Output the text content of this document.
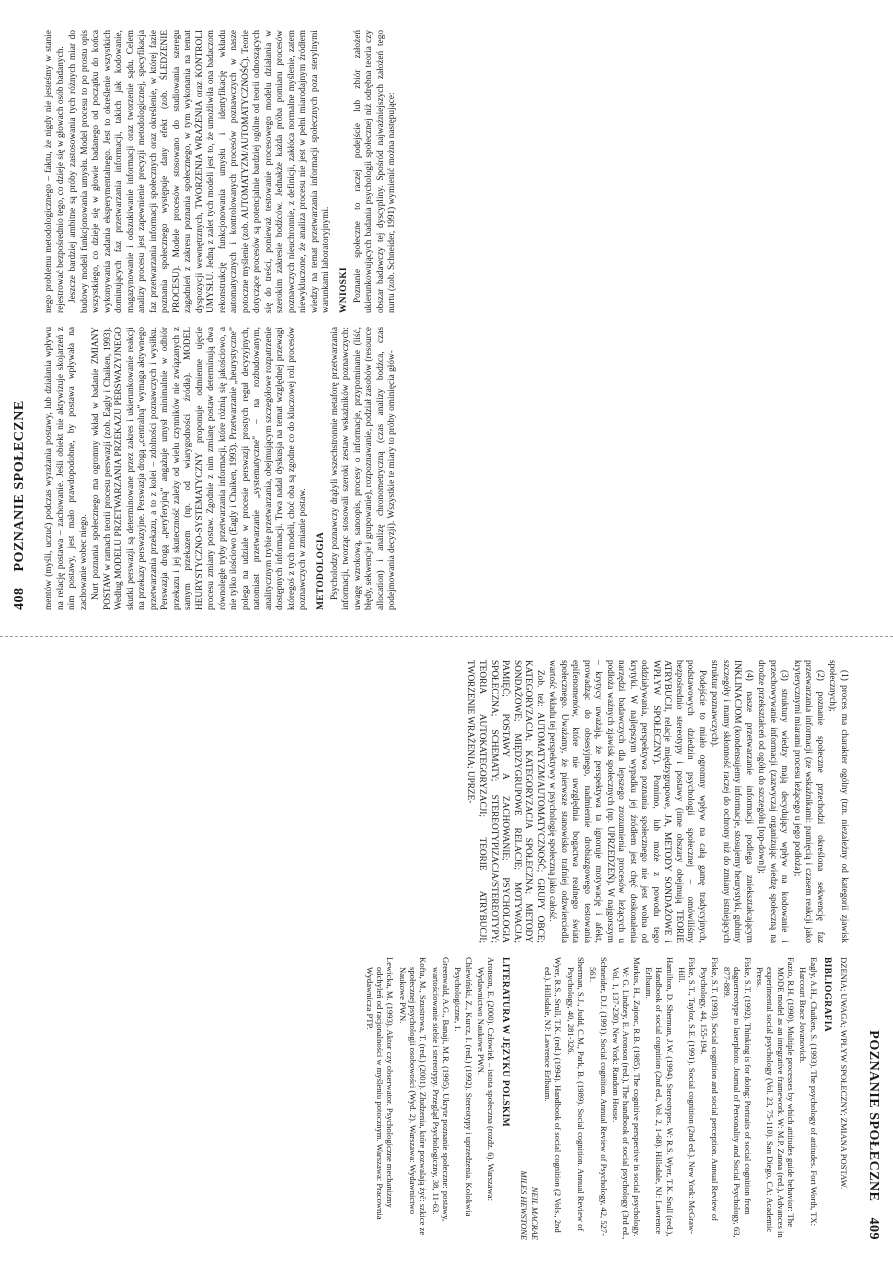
408 POZNANIE SPOŁECZNE	mentów (myśli, uczuć) podczas wyrażania postawy, lub działania wpływu na relację postawa – zachowanie. Jeśli obiekt nie aktywizuje skojarzeń z nim postawy, jest mało prawdopodobne, by postawa wpływała na zachowanie wobec niego. Nurt poznania społecznego ma ogromny wkład w badanie ZMIANY POSTAW w ramach teorii procesu perswazji (zob. Eagly i Chaiken, 1993). Według MODELU PRZETWARZANIA PRZEKAZU PERSWAZYJNEGO skutki perswazji są determinowane przez zakres i ukierunkowanie reakcji na przekazy perswazyjne. Perswazja drogą „centralną” wymaga aktywnego przetwarzania przekazu, a to z kolei – zdolności poznawczych i wysiłku. Perswazja drogą „peryferyjną” angażuje umysł minimalnie w odbiór przekazu i jej skuteczność zależy od wielu czynników nie związanych z samym przekazem (np. od wiarygodności źródła). MODEL HEURYSTYCZNO-SYSTEMATYCZNY proponuje odmienne ujęcie procesu zmiany postaw. Zgodnie z nim zmianę postaw determinują dwa równoległe tryby przetwarzania informacji, które różnią się jakościowo, a nie tylko ilościowo (Eagly i Chaiken, 1993). Przetwarzanie „heurystyczne” polega na udziale w procesie perswazji prostych reguł decyzyjnych, natomiast przetwarzanie „systematyczne” – na rozbudowanym, analitycznym trybie przetwarzania, obejmującym szczegółowe rozpatrzenie dostępnych informacji. Trwa nadal dyskusja na temat względnej przewagi któregoś z tych modeli, choć oba są zgodne co do kluczowej roli procesów poznawczych w zmianie postaw. METODOLOGIA Psycholodzy poznawczy drążyli wszechstronnie metaforę przetwarzania informacji, tworząc stosowali szeroki zestaw wskaźników poznawczych: uwagę wzrokową, sanoopis, procesy o informacje, przypominanie (liść, błędy, sekwencje i grupowanie), rozpoznawanie, podział zasobów (resource allocation) i analizę chronometryczną (czas analizy bodźca, czas podejmowania decyzji). Wszystkie te miary to próby ominięcia głów-

nego problemu metodologicznego – faktu, że nigdy nie jesteśmy w stanie rejestrować bezpośrednio tego, co dzieje się w głowach osób badanych. Jeszcze bardziej ambitne są próby zastosowania tych różnych miar do budowy modeli funkcjonowania umysłu. Model procesu to po prostu opis wszystkiego, co dzieje się w głowie badanego od początku do końca wykonywania zadania eksperymentalnego. Jest to określenie wszystkich dominujących faz przetwarzania informacji, takich jak kodowanie, magazynowanie i odszukiwanie informacji oraz tworzenie sądu. Celem analizy procesu jest zapewnienie precyzji metodologicznej, specyfikacja faz przetwarzania informacji społecznych oraz określenie, w której fazie poznania społecznego występuje dany efekt (zob. ŚLEDZENIE PROCESU). Modele procesów stosowano do studiowania szeregu zagadnień z zakresu poznania społecznego, w tym wykonania na temat dyspozycji wewnętrznych, TWORZENIA WRAŻENIA oraz KONTROLI UMYSŁU. Jedną z zalet tych modeli jest to, że umożliwiła ona badaczom rekonstrukcję funkcjonowania umysłu i identyfikację wkładu automatycznych i kontrolowanych procesów poznawczych w nasze potoczne myślenie (zob. AUTOMATYZM/AUTOMATYCZNOŚĆ). Teorie dotyczące procesów są potencjalnie bardziej ogólne od teorii odnoszących się do treści, ponieważ testowanie procesowego modelu działania w szerokim zakresie bodźców. Jednakże każda próba pomiaru procesów poznawczych nieuchronnie, z definicji, zakłóca normalne myślenie, zatem niewykluczone, że analiza procesu nie jest w pełni miarodajnym źródłem wiedzy na temat przetwarzania informacji społecznych poza sterylnymi warunkami laboratoryjnymi. WNIOSKI Poznanie społeczne to raczej podejście lub zbiór założeń ukierunkowujących badania psychologii społecznej niż odrębna teoria czy obszar badawczy tej dyscypliny. Spośród najważniejszych założeń tego nurtu (zob. Schneider, 1991) wymienić można następujące:

POZNANIE SPOŁECZNE 409

(1) proces ma charakter ogólny (tzn. niezależny od kategorii zjawisk społecznych);

(2) poznanie społeczne przechodzi określona sekwencję faz przetwarzania informacji (ze wskaźnikami: pamięcią i czasem reakcji jako kryterycznymi miarami procesu leżącego u jego podłoża);

(3) struktury wiedzy mają decydujący wpływ na kodowanie i przechowywanie informacji (zazwyczaj organizując wiedzę społeczną na drodze przekształceń od ogółu do szczegółu [top-down]);

(4) nasze przetwarzanie informacji podlega zniekształcającym INKLINACJOM (kondensujemy informacje, stosujemy heurystyki, gubimy szczegóły i mamy skłonność raczej do ochrony niż do zmiany istniejących struktur poznawczych).

Podejście to miało ogromny wpływ na całą gamę tradycyjnych, podstawowych dziedzin psychologii społecznej – omówiliśmy bezpośrednio stereotypy i postawy (inne obszary obejmują TEORIE ATRYBUCJI, relacje międzygrupowe, JA, METODY SONDAŻOWE i WPŁYW SPOŁECZNY). Pomimo, lub może z powodu tego oddziaływania, perspektywa poznania społecznego nie jest wolna od krytyki. W najlepszym wypadku jej źródłem jest chęć doskonalenia narzędzi badawczych dla lepszego zrozumienia procesów leżących u podłoża ważnych zjawisk społecznych (np. UPRZEDZEŃ). W najgorszym – krytycy uważają, że perspektywa ta ignoruje motywację i afekt, prowadząc do obsesyjnego, nadmiernie drobiazgowego testowania epifenomenów, które nie uwzględnia bogactwa realnego świata społecznego. Uważamy, że pierwsze stanowisko trafniej odzwierciedla wartość wkładu tej perspektywy w psychologię społeczną jako całość.

Zob. też: AUTOMATYZM/AUTOMATYCZNOŚĆ; GRUPY OBCE; KATEGORYZACJA; KATEGORYZACJA SPOŁECZNA; METODY SONDAŻOWE; MIĘDZYGRUPOWE RELACJE; MOTYWACJA; PAMIĘĆ; POSTAWY A ZACHOWANIE; PSYCHOLOGIA SPOŁECZNA; SCHEMATY; STEREOTYPIZACJA/STEREOTYPY; TEORIA AUTOKATEGORYZACJI; TEORIE ATRYBUCJI; TWORZENIE WRAŻENIA; UPRZE-

DZENIA; UWAGA; WPŁYW SPOŁECZNY; ZMIANA POSTAW.

BIBLIOGRAFIA
Eagly, A.H., Chaiken, S. (1993). The psychology of attitudes. Fort Worth, TX: Harcourt Brace Jovanovich.
Fazio, R.H. (1990). Multiple processes by which attitudes guide behavior: The MODE model as an integrative framework. W: M.P. Zanna (red.), Advances in experimental social psychology (Vol. 23, 75-110). San Diego, CA: Academic Press.
Fiske, S.T. (1992). Thinking is for doing: Portraits of social cognition from daguerreotype to laserphoto. Journal of Personality and Social Psychology, 63, 877-889.
Fiske, S.T. (1993). Social cognition and social perception. Annual Review of Psychology, 44, 155-194.
Fiske, S.T., Taylor, S.E. (1991). Social cognition (2nd ed.). New York: McGraw-Hill.
Hamilton, D. Sherman, J.W. (1994). Stereotypes. W: R.S. Wyer, T.K. Srull (red.), Handbook of social cognition (2nd ed., Vol. 2, 1-68). Hillsdale, NJ: Lawrence Erlbaum.
Markus, H., Zajonc, R.B. (1985). The cognitive perspective in social psychology. W: G. Lindzey, E. Aronson (red.), The handbook of social psychology (3rd ed., Vol. 1, 137-230). New York: Random House.
Schneider, D.J. (1991). Social cognition. Annual Review of Psychology, 42, 527-561.
Sherman, S.J., Judd, C.M., Park, B. (1989). Social cognition. Annual Review of Psychology, 40, 281-326.
Wyer, R.S., Srull, T.K. (red.) (1994). Handbook of social cognition (2 Vols., 2nd ed.). Hillsdale, NJ: Lawrence Erlbaum.
NEIL MACRAE
MILES HEWSTONE
LITERATURA W JĘZYKU POLSKIM
Aronson, E. (2000). Człowiek – istota społeczna (rozdz. 6). Warszawa: Wydawnictwo Naukowe PWN.
Chlewiński, Z., Kurcz, I. (red.) (1992). Stereotypy i uprzedzenia. Kolokwia Psychologiczne, 1.
Greenwald, A.G., Banaji, M.R. (1995). Ukryte poznanie społeczne: postawy, wartościowanie siebie i stereotypy. Przegląd Psychologiczny, 38, 11-63.
Kofta, M., Szustrowa, T. (red.) (2001). Złudzenia, które pozwalają żyć: szkice ze społecznej psychologii osobowości (Wyd. 2). Warszawa: Wydawnictwo Naukowe PWN.
Lewicka, M. (1993). Aktor czy obserwator. Psychologiczne mechanizmy odchyleń od racjonalności w myśleniu potocznym. Warszawa: Pracownia Wydawnicza PTP.
